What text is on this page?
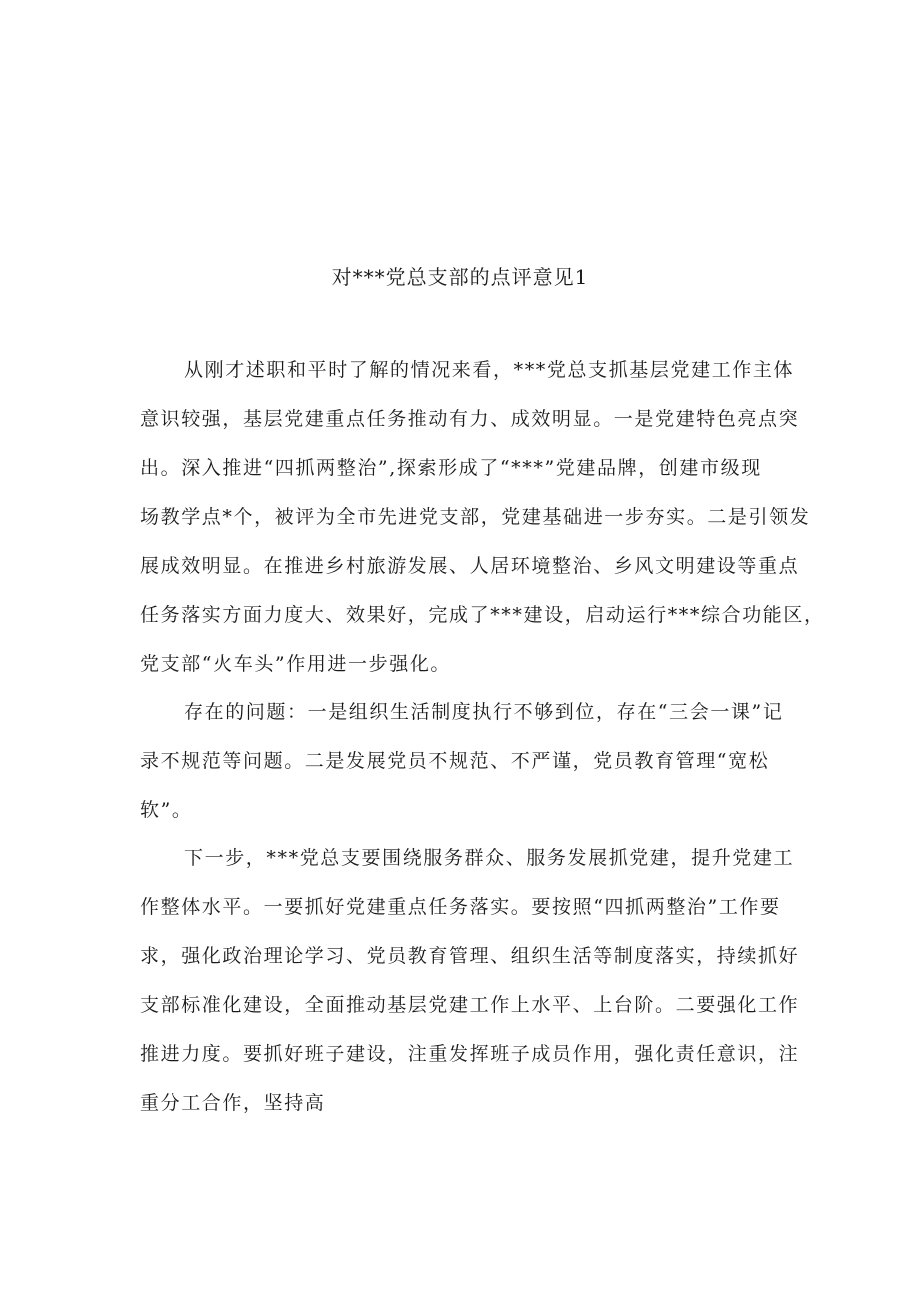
对***党总支部的点评意见1
从刚才述职和平时了解的情况来看，***党总支抓基层党建工作主体
意识较强，基层党建重点任务推动有力、成效明显。一是党建特色亮点突
出。深入推进“四抓两整治”,探索形成了“***”党建品牌，创建市级现
场教学点*个，被评为全市先进党支部，党建基础进一步夯实。二是引领发
展成效明显。在推进乡村旅游发展、人居环境整治、乡风文明建设等重点
任务落实方面力度大、效果好，完成了***建设，启动运行***综合功能区，
党支部“火车头”作用进一步强化。
存在的问题：一是组织生活制度执行不够到位，存在“三会一课”记
录不规范等问题。二是发展党员不规范、不严谨，党员教育管理“宽松
软”。
下一步，***党总支要围绕服务群众、服务发展抓党建，提升党建工
作整体水平。一要抓好党建重点任务落实。要按照“四抓两整治”工作要
求，强化政治理论学习、党员教育管理、组织生活等制度落实，持续抓好
支部标准化建设，全面推动基层党建工作上水平、上台阶。二要强化工作
推进力度。要抓好班子建设，注重发挥班子成员作用，强化责任意识，注
重分工合作，坚持高
